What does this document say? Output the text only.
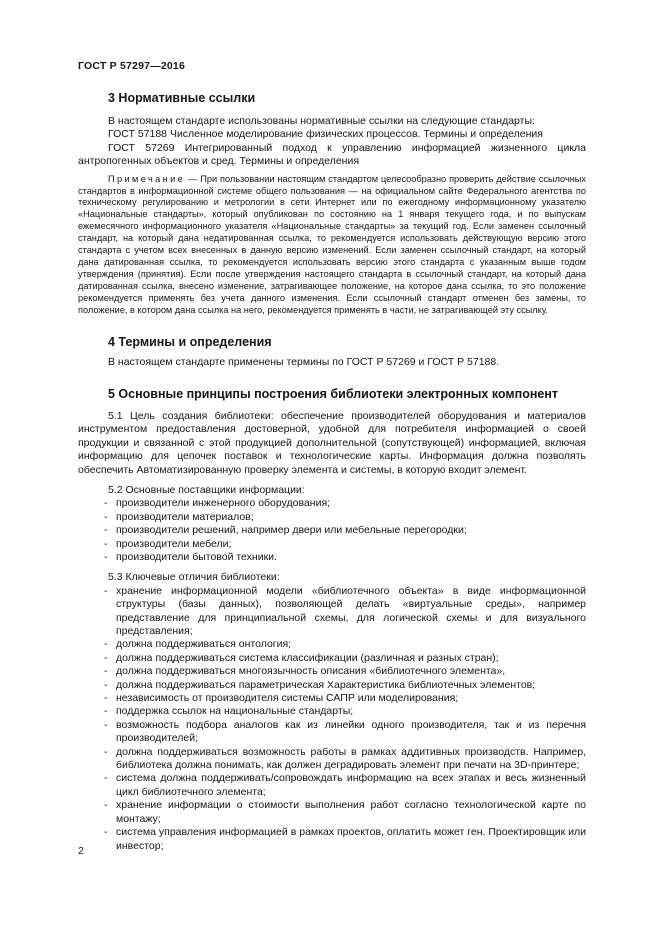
ГОСТ Р 57297—2016
3 Нормативные ссылки

В настоящем стандарте использованы нормативные ссылки на следующие стандарты:

ГОСТ 57188 Численное моделирование физических процессов. Термины и определения

ГОСТ 57269 Интегрированный подход к управлению информацией жизненного цикла антропогенных объектов и сред. Термины и определения

Примечание — При пользовании настоящим стандартом целесообразно проверить действие ссылочных стандартов в информационной системе общего пользования — на официальном сайте Федерального агентства по техническому регулированию и метрологии в сети Интернет или по ежегодному информационному указателю «Национальные стандарты», который опубликован по состоянию на 1 января текущего года, и по выпускам ежемесячного информационного указателя «Национальные стандарты» за текущий год. Если заменен ссылочный стандарт, на который дана недатированная ссылка, то рекомендуется использовать действующую версию этого стандарта с учетом всех внесенных в данную версию изменений. Если заменен ссылочный стандарт, на который дана датированная ссылка, то рекомендуется использовать версию этого стандарта с указанным выше годом утверждения (принятия). Если после утверждения настоящего стандарта в ссылочный стандарт, на который дана датированная ссылка, внесено изменение, затрагивающее положение, на которое дана ссылка, то это положение рекомендуется применять без учета данного изменения. Если ссылочный стандарт отменен без замены, то положение, в котором дана ссылка на него, рекомендуется применять в части, не затрагивающей эту ссылку.

4 Термины и определения

В настоящем стандарте применены термины по ГОСТ Р 57269 и ГОСТ Р 57188.

5 Основные принципы построения библиотеки электронных компонент

5.1 Цель создания библиотеки: обеспечение производителей оборудования и материалов инструментом предоставления достоверной, удобной для потребителя информацией о своей продукции и связанной с этой продукцией дополнительной (сопутствующей) информацией, включая информацию для цепочек поставок и технологические карты. Информация должна позволять обеспечить Автоматизированную проверку элемента и системы, в которую входит элемент.

5.2 Основные поставщики информации:

- производители инженерного оборудования;
- производители материалов;
- производители решений, например двери или мебельные перегородки;
- производители мебели;
- производители бытовой техники.

5.3 Ключевые отличия библиотеки:

- хранение информационной модели «библиотечного объекта» в виде информационной структуры (базы данных), позволяющей делать «виртуальные среды», например представление для принципиальной схемы, для логической схемы и для визуального представления;
- должна поддерживаться онтология;
- должна поддерживаться система классификации (различная и разных стран);
- должна поддерживаться многоязычность описания «библиотечного элемента»,
- должна поддерживаться параметрическая Характеристика библиотечных элементов;
- независимость от производителя системы САПР или моделирования;
- поддержка ссылок на национальные стандарты;
- возможность подбора аналогов как из линейки одного производителя, так и из перечня производителей;
- должна поддерживаться возможность работы в рамках аддитивных производств. Например, библиотека должна понимать, как должен деградировать элемент при печати на 3D-принтере;
- система должна поддерживать/сопровождать информацию на всех этапах и весь жизненный цикл библиотечного элемента;
- хранение информации о стоимости выполнения работ согласно технологической карте по монтажу;
- система управления информацией в рамках проектов, оплатить может ген. Проектировщик или инвестор;
2
